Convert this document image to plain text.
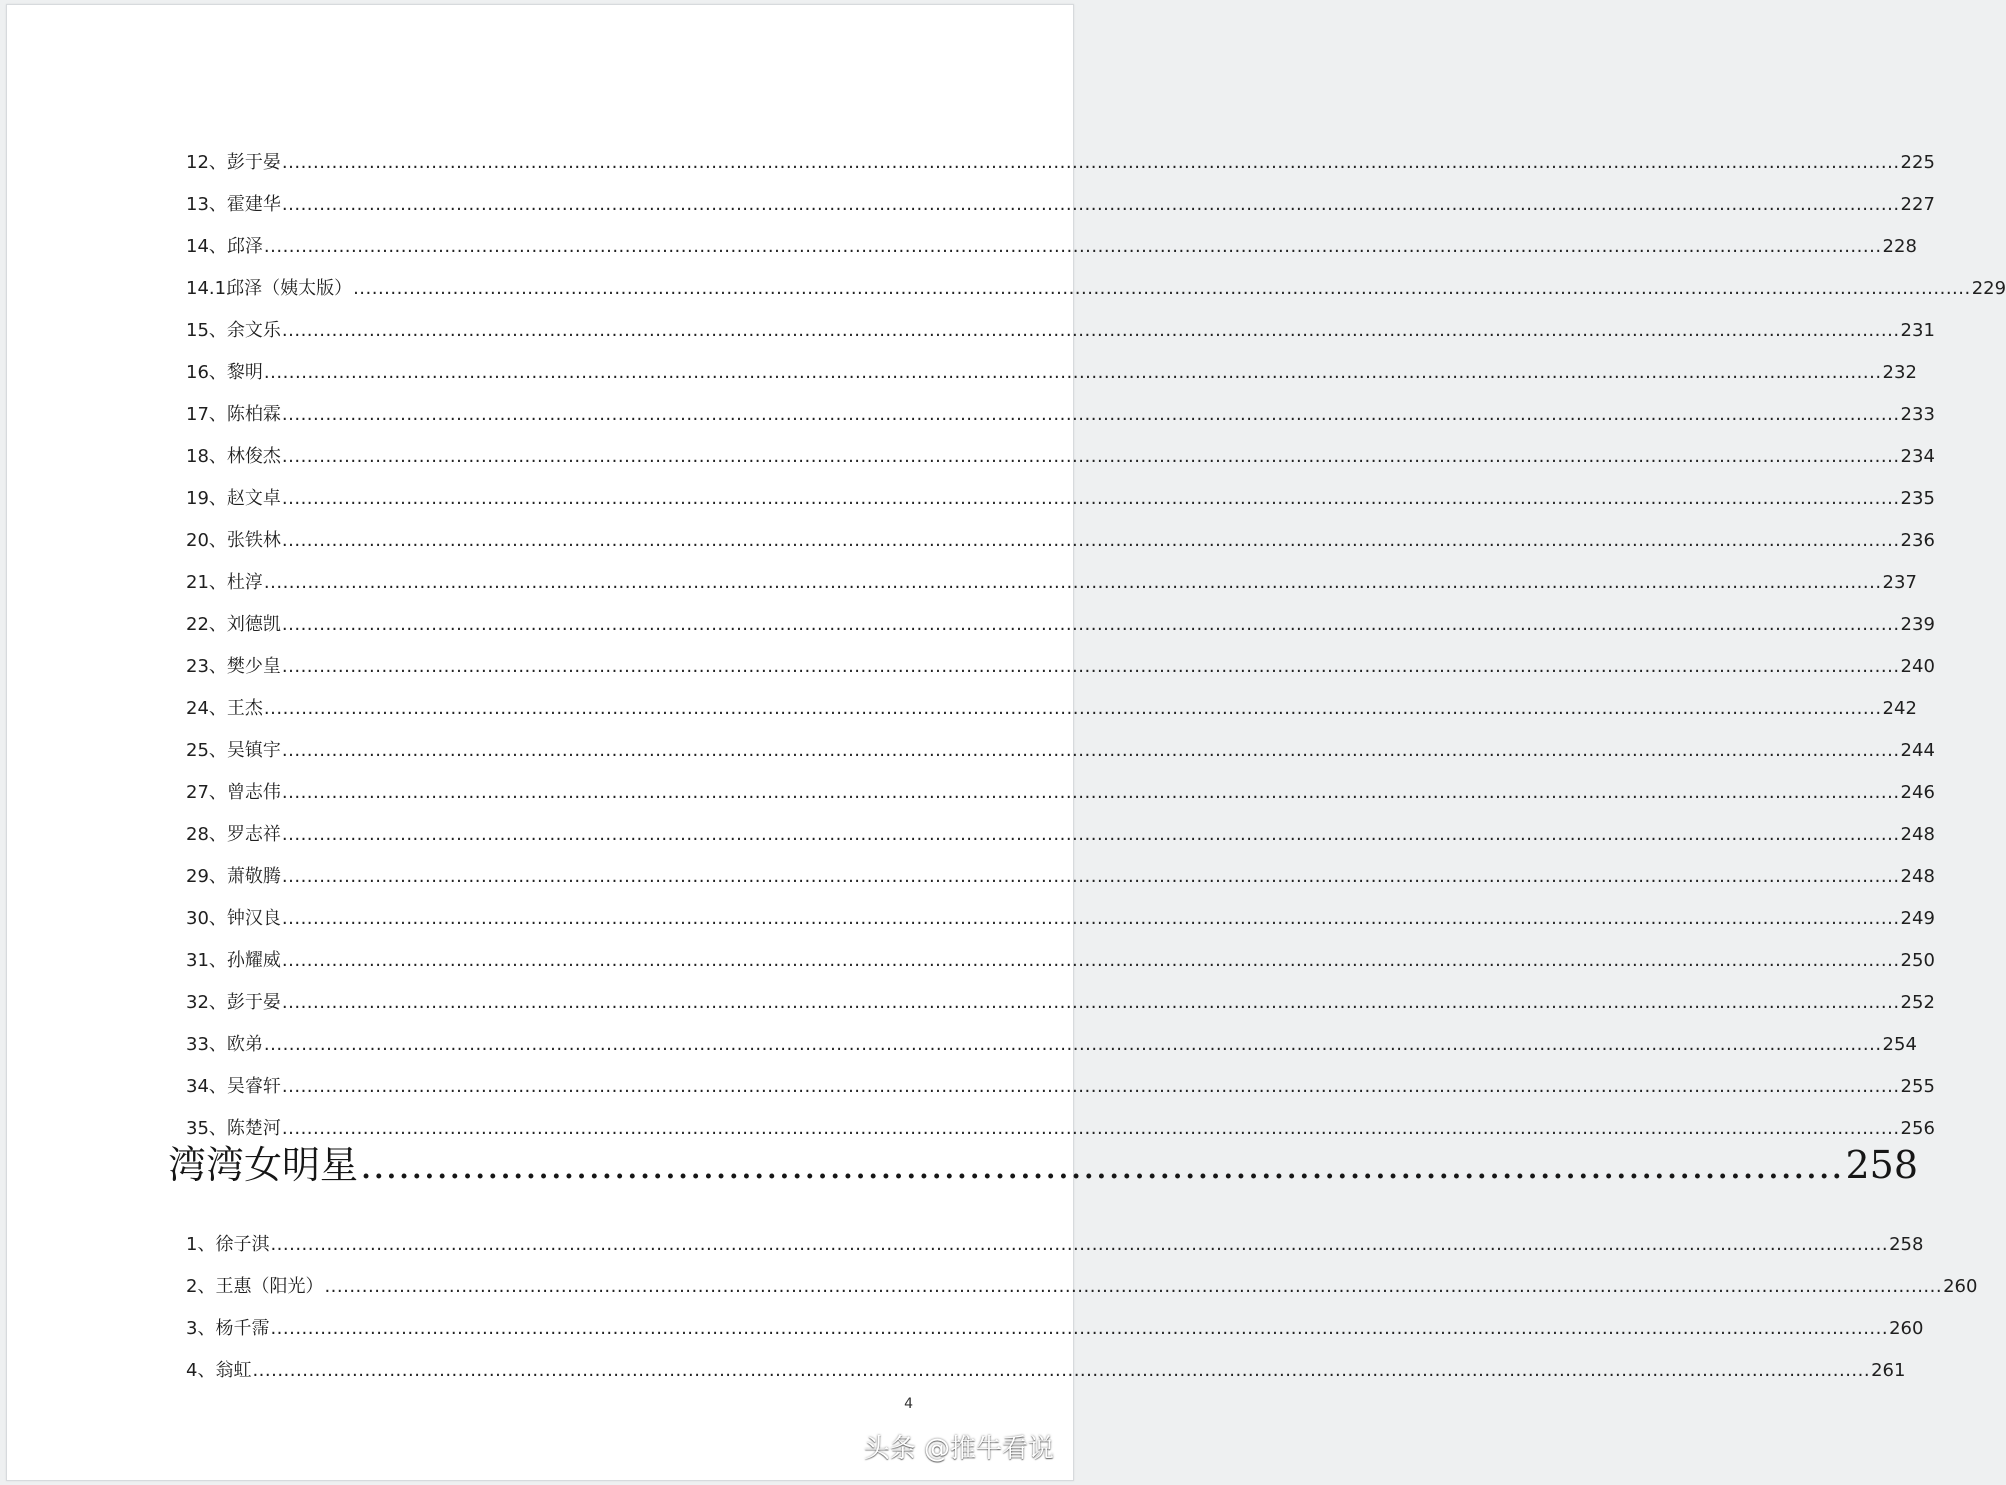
12、彭于晏 .................................................................................................................................................................................................................................................................... 225
13、霍建华 .................................................................................................................................................................................................................................................................... 227
14、邱泽 .................................................................................................................................................................................................................................................................... 228
14.1邱泽（姨太版） .................................................................................................................................................................................................................................................................... 229
15、余文乐 .................................................................................................................................................................................................................................................................... 231
16、黎明 .................................................................................................................................................................................................................................................................... 232
17、陈柏霖 .................................................................................................................................................................................................................................................................... 233
18、林俊杰 .................................................................................................................................................................................................................................................................... 234
19、赵文卓 .................................................................................................................................................................................................................................................................... 235
20、张铁林 .................................................................................................................................................................................................................................................................... 236
21、杜淳 .................................................................................................................................................................................................................................................................... 237
22、刘德凯 .................................................................................................................................................................................................................................................................... 239
23、樊少皇 .................................................................................................................................................................................................................................................................... 240
24、王杰 .................................................................................................................................................................................................................................................................... 242
25、吴镇宇 .................................................................................................................................................................................................................................................................... 244
27、曾志伟 .................................................................................................................................................................................................................................................................... 246
28、罗志祥 .................................................................................................................................................................................................................................................................... 248
29、萧敬腾 .................................................................................................................................................................................................................................................................... 248
30、钟汉良 .................................................................................................................................................................................................................................................................... 249
31、孙耀威 .................................................................................................................................................................................................................................................................... 250
32、彭于晏 .................................................................................................................................................................................................................................................................... 252
33、欧弟 .................................................................................................................................................................................................................................................................... 254
34、吴睿轩 .................................................................................................................................................................................................................................................................... 255
35、陈楚河 .................................................................................................................................................................................................................................................................... 256
湾湾女明星 ..................................................................................................................... 258
1、徐子淇 .................................................................................................................................................................................................................................................................... 258
2、王惠（阳光） .................................................................................................................................................................................................................................................................... 260
3、杨千霈 .................................................................................................................................................................................................................................................................... 260
4、翁虹 .................................................................................................................................................................................................................................................................... 261
4
头条 @推牛看说
